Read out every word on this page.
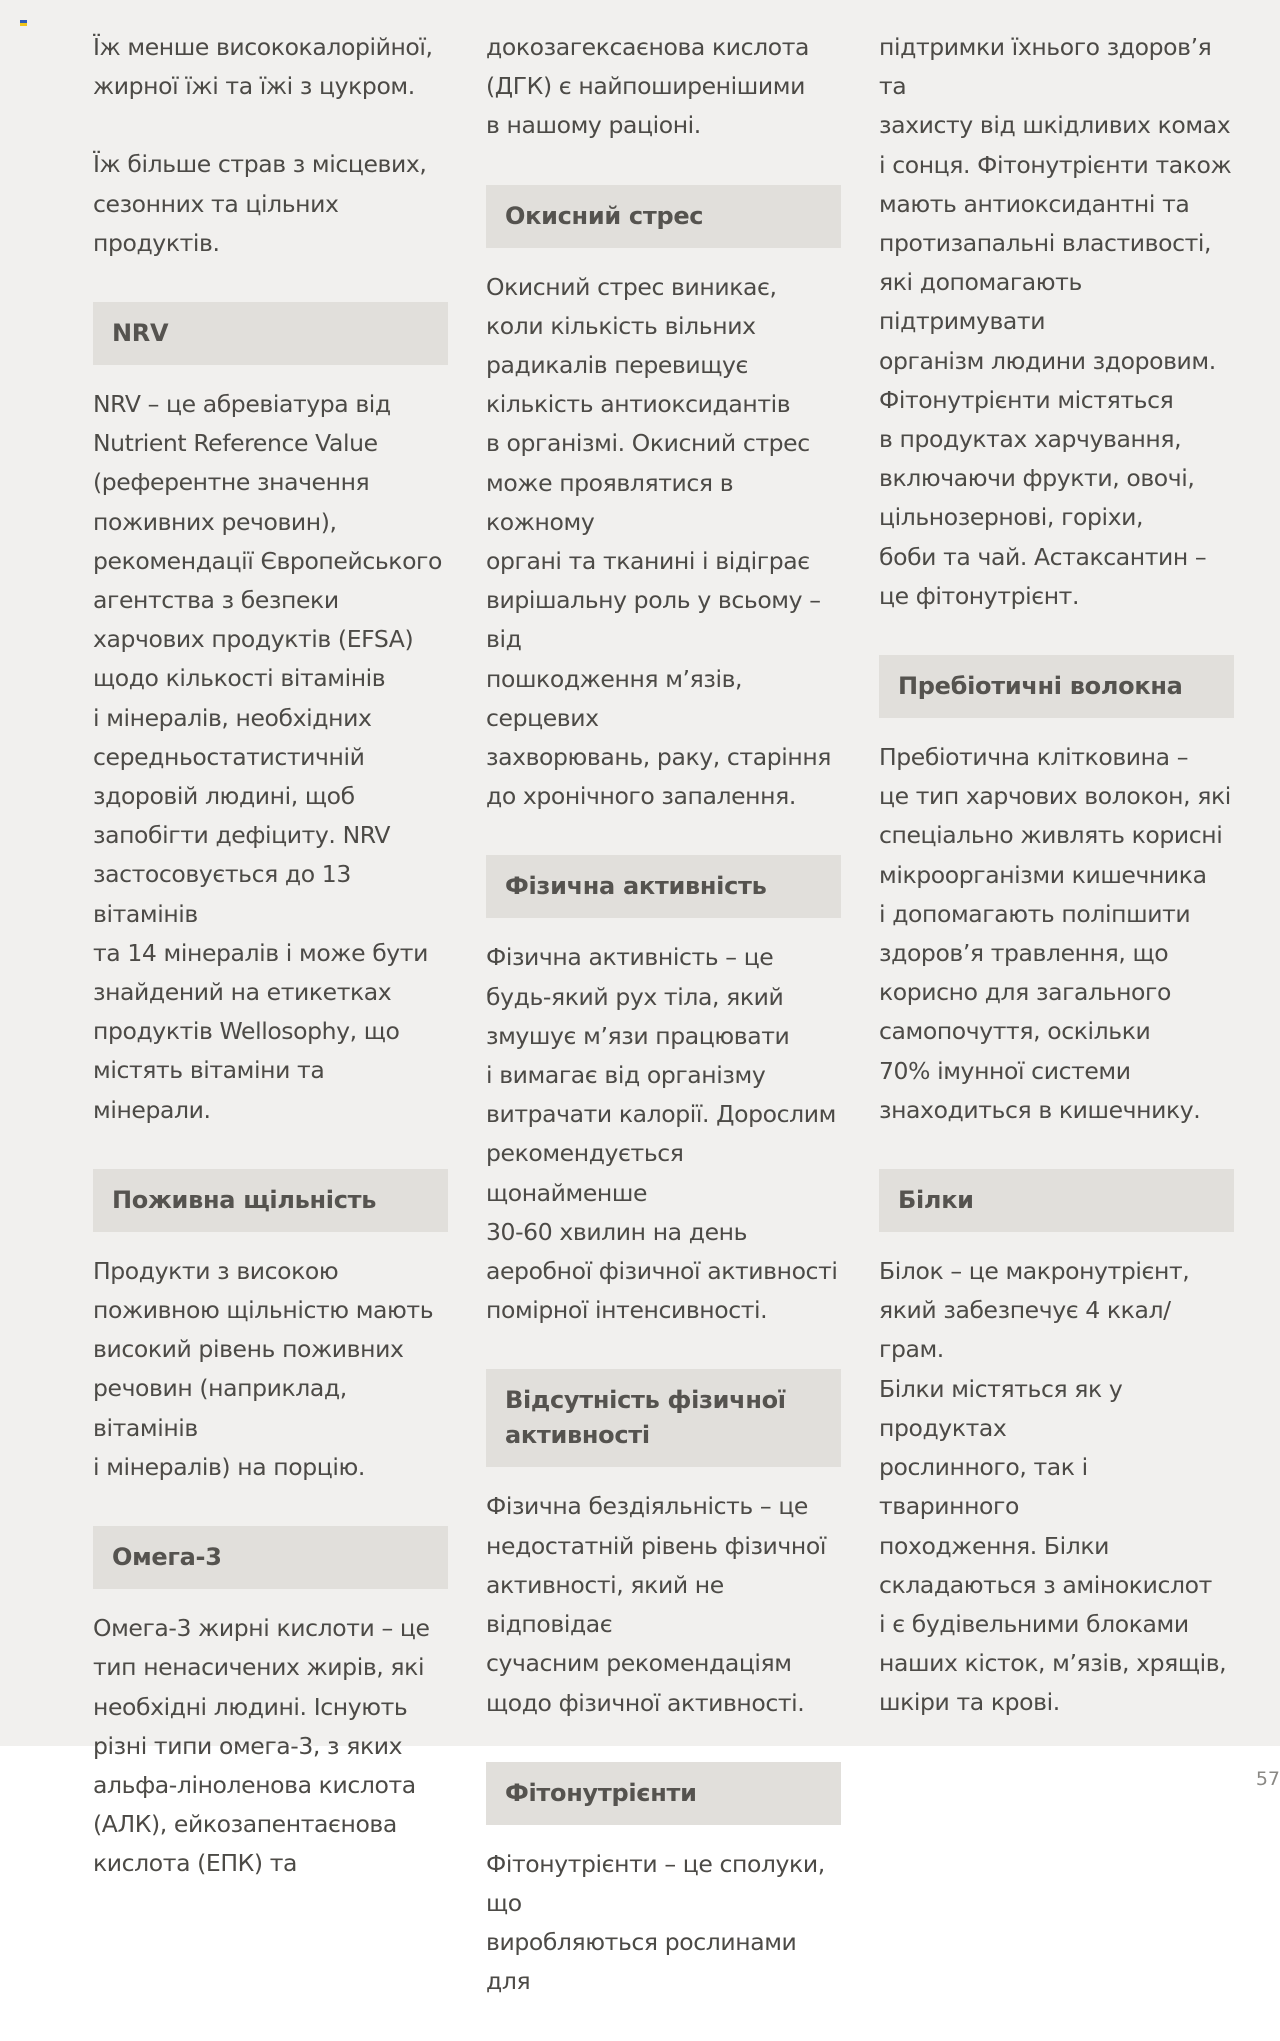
Їж менше висококалорійної,
жирної їжі та їжі з цукром.

Їж більше страв з місцевих,
сезонних та цільних продуктів.

NRV

NRV – це абревіатура від
Nutrient Reference Value
(референтне значення
поживних речовин),
рекомендації Європейського
агентства з безпеки
харчових продуктів (EFSA)
щодо кількості вітамінів
і мінералів, необхідних
середньостатистичній
здоровій людині, щоб
запобігти дефіциту. NRV
застосовується до 13 вітамінів
та 14 мінералів і може бути
знайдений на етикетках
продуктів Wellosophy, що
містять вітаміни та мінерали.

Поживна щільність

Продукти з високою
поживною щільністю мають
високий рівень поживних
речовин (наприклад, вітамінів
і мінералів) на порцію.

Омега-3

Омега-3 жирні кислоти – це
тип ненасичених жирів, які
необхідні людині. Існують
різні типи омега-3, з яких
альфа-ліноленова кислота
(АЛК), ейкозапентаєнова
кислота (ЕПК) та

докозагексаєнова кислота
(ДГК) є найпоширенішими
в нашому раціоні.

Окисний стрес

Окисний стрес виникає,
коли кількість вільних
радикалів перевищує
кількість антиоксидантів
в організмі. Окисний стрес
може проявлятися в кожному
органі та тканині і відіграє
вирішальну роль у всьому – від
пошкодження м’язів, серцевих
захворювань, раку, старіння
до хронічного запалення.

Фізична активність

Фізична активність – це
будь-який рух тіла, який
змушує м’язи працювати
і вимагає від організму
витрачати калорії. Дорослим
рекомендується щонайменше
30-60 хвилин на день
аеробної фізичної активності
помірної інтенсивності.

Відсутність фізичної
активності

Фізична бездіяльність – це
недостатній рівень фізичної
активності, який не відповідає
сучасним рекомендаціям
щодо фізичної активності.

Фітонутрієнти

Фітонутрієнти – це сполуки, що
виробляються рослинами для

підтримки їхнього здоров’я та
захисту від шкідливих комах
і сонця. Фітонутрієнти також
мають антиоксидантні та
протизапальні властивості,
які допомагають підтримувати
організм людини здоровим.
Фітонутрієнти містяться
в продуктах харчування,
включаючи фрукти, овочі,
цільнозернові, горіхи,
боби та чай. Астаксантин –
це фітонутрієнт.

Пребіотичні волокна

Пребіотична клітковина –
це тип харчових волокон, які
спеціально живлять корисні
мікроорганізми кишечника
і допомагають поліпшити
здоров’я травлення, що
корисно для загального
самопочуття, оскільки
70% імунної системи
знаходиться в кишечнику.

Білки

Білок – це макронутрієнт,
який забезпечує 4 ккал/грам.
Білки містяться як у продуктах
рослинного, так і тваринного
походження. Білки
складаються з амінокислот
і є будівельними блоками
наших кісток, м’язів, хрящів,
шкіри та крові.

57
